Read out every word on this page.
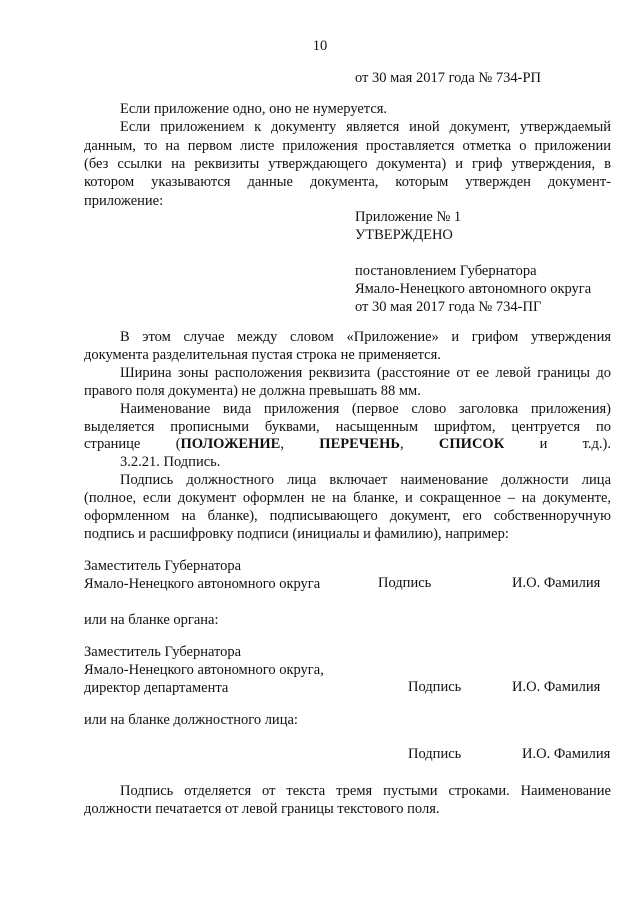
10
от 30 мая 2017 года № 734-РП
Если приложение одно, оно не нумеруется.
Если приложением к документу является иной документ, утверждаемый
данным, то на первом листе приложения проставляется отметка о приложении
(без ссылки на реквизиты утверждающего документа) и гриф утверждения, в
котором указываются данные документа, которым утвержден документ-
приложение:
Приложение № 1
УТВЕРЖДЕНО
постановлением Губернатора
Ямало-Ненецкого автономного округа
от 30 мая 2017 года № 734-ПГ
В этом случае между словом «Приложение» и грифом утверждения
документа разделительная пустая строка не применяется.
Ширина зоны расположения реквизита (расстояние от ее левой границы до
правого поля документа) не должна превышать 88 мм.
Наименование вида приложения (первое слово заголовка приложения)
выделяется прописными буквами, насыщенным шрифтом, центруется по
странице (ПОЛОЖЕНИЕ, ПЕРЕЧЕНЬ, СПИСОК и т.д.).
3.2.21. Подпись.
Подпись должностного лица включает наименование должности лица
(полное, если документ оформлен не на бланке, и сокращенное – на документе,
оформленном на бланке), подписывающего документ, его собственноручную
подпись и расшифровку подписи (инициалы и фамилию), например:
Заместитель Губернатора
Ямало-Ненецкого автономного округа	Подпись	И.О. Фамилия
или на бланке органа:
Заместитель Губернатора
Ямало-Ненецкого автономного округа,
директор департамента	Подпись	И.О. Фамилия
или на бланке должностного лица:
Подпись	И.О. Фамилия
Подпись отделяется от текста тремя пустыми строками. Наименование
должности печатается от левой границы текстового поля.
